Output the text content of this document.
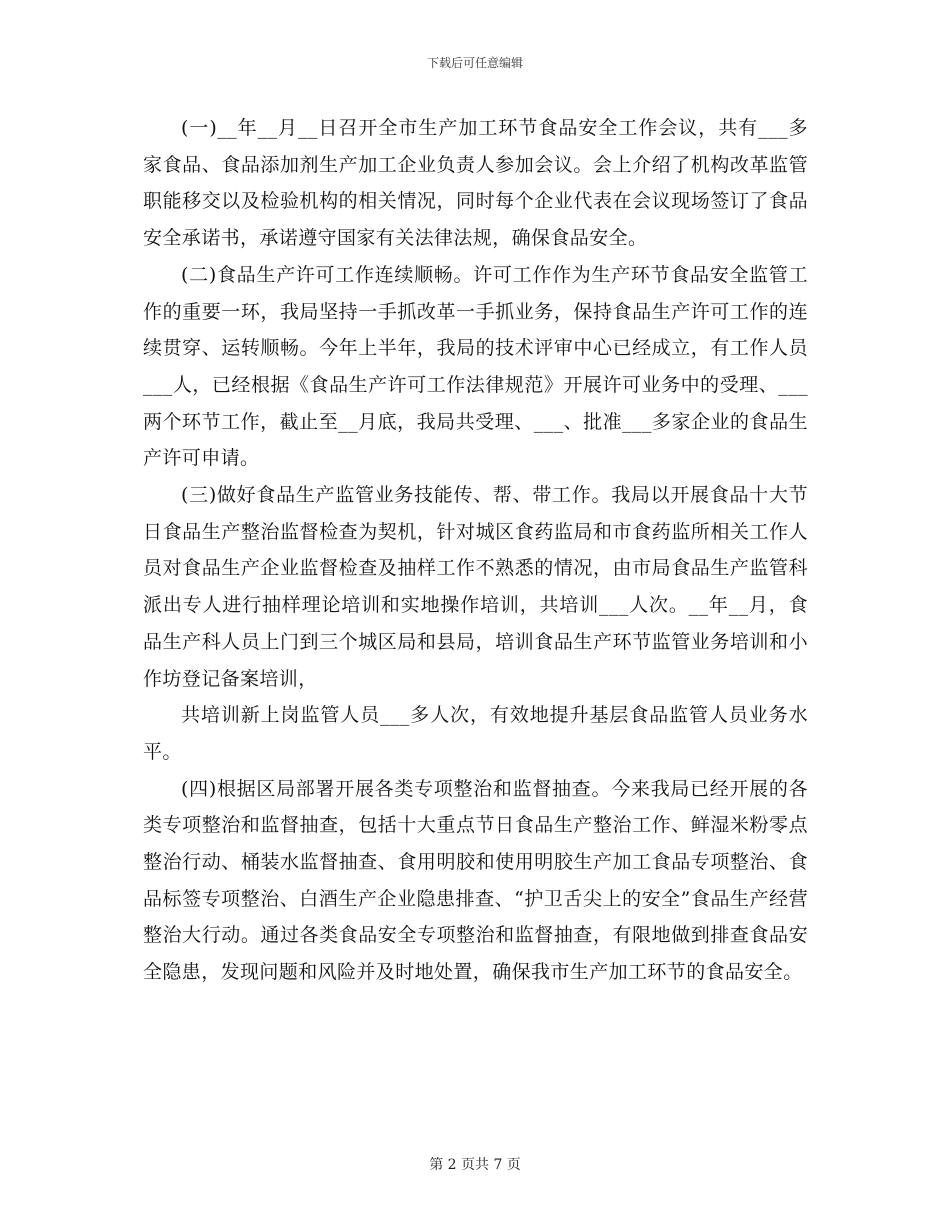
下载后可任意编辑

(一)__年__月__日召开全市生产加工环节食品安全工作会议，共有___多家食品、食品添加剂生产加工企业负责人参加会议。会上介绍了机构改革监管职能移交以及检验机构的相关情况，同时每个企业代表在会议现场签订了食品安全承诺书，承诺遵守国家有关法律法规，确保食品安全。

(二)食品生产许可工作连续顺畅。许可工作作为生产环节食品安全监管工作的重要一环，我局坚持一手抓改革一手抓业务，保持食品生产许可工作的连续贯穿、运转顺畅。今年上半年，我局的技术评审中心已经成立，有工作人员___人，已经根据《食品生产许可工作法律规范》开展许可业务中的受理、___两个环节工作，截止至__月底，我局共受理、___、批准___多家企业的食品生产许可申请。

(三)做好食品生产监管业务技能传、帮、带工作。我局以开展食品十大节日食品生产整治监督检查为契机，针对城区食药监局和市食药监所相关工作人员对食品生产企业监督检查及抽样工作不熟悉的情况，由市局食品生产监管科派出专人进行抽样理论培训和实地操作培训，共培训___人次。__年__月，食品生产科人员上门到三个城区局和县局，培训食品生产环节监管业务培训和小作坊登记备案培训，

共培训新上岗监管人员___多人次，有效地提升基层食品监管人员业务水平。

(四)根据区局部署开展各类专项整治和监督抽查。今来我局已经开展的各类专项整治和监督抽查，包括十大重点节日食品生产整治工作、鲜湿米粉零点整治行动、桶装水监督抽查、食用明胶和使用明胶生产加工食品专项整治、食品标签专项整治、白酒生产企业隐患排查、“护卫舌尖上的安全”食品生产经营整治大行动。通过各类食品安全专项整治和监督抽查，有限地做到排查食品安全隐患，发现问题和风险并及时地处置，确保我市生产加工环节的食品安全。

第 2 页共 7 页
